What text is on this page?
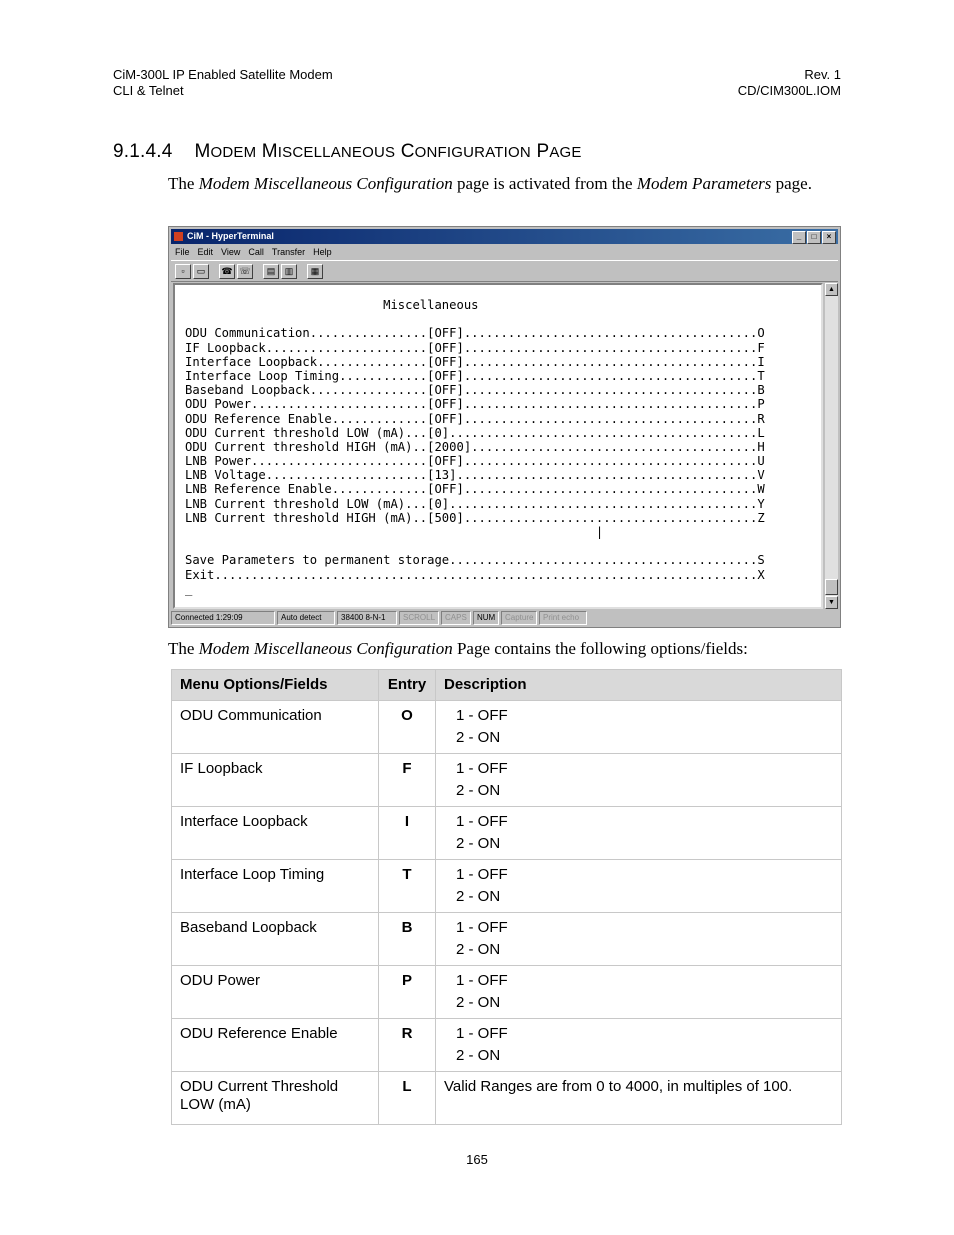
CiM-300L IP Enabled Satellite Modem
CLI & Telnet
Rev. 1
CD/CIM300L.IOM
9.1.4.4 MODEM MISCELLANEOUS CONFIGURATION PAGE
The Modem Miscellaneous Configuration page is activated from the Modem Parameters page.
CiM - HyperTerminal	_	□	×
File Edit View Call Transfer Help
▫	▭	☎ ☏	▤	▥	▦
Miscellaneous
ODU Communication................[OFF]........................................O
IF Loopback......................[OFF]........................................F
Interface Loopback...............[OFF]........................................I
Interface Loop Timing............[OFF]........................................T
Baseband Loopback................[OFF]........................................B
ODU Power........................[OFF]........................................P
ODU Reference Enable.............[OFF]........................................R
ODU Current threshold LOW (mA)...[0]..........................................L
ODU Current threshold HIGH (mA)..[2000].......................................H
LNB Power........................[OFF]........................................U
LNB Voltage......................[13].........................................V
LNB Reference Enable.............[OFF]........................................W
LNB Current threshold LOW (mA)...[0]..........................................Y
LNB Current threshold HIGH (mA)..[500]........................................Z
|
Save Parameters to permanent storage..........................................S
Exit..........................................................................X
_
▲
▼
Connected 1:29:09	Auto detect	38400 8-N-1	SCROLL	CAPS	NUM	Capture	Print echo
The Modem Miscellaneous Configuration Page contains the following options/fields:
Menu Options/Fields	Entry	Description
ODU Communication	O	1 - OFF
2 - ON

IF Loopback	F	1 - OFF
2 - ON

Interface Loopback	I	1 - OFF
2 - ON

Interface Loop Timing	T	1 - OFF
2 - ON

Baseband Loopback	B	1 - OFF
2 - ON

ODU Power	P	1 - OFF
2 - ON

ODU Reference Enable	R	1 - OFF
2 - ON

ODU Current Threshold LOW (mA)	L	Valid Ranges are from 0 to 4000, in multiples of 100.
165
